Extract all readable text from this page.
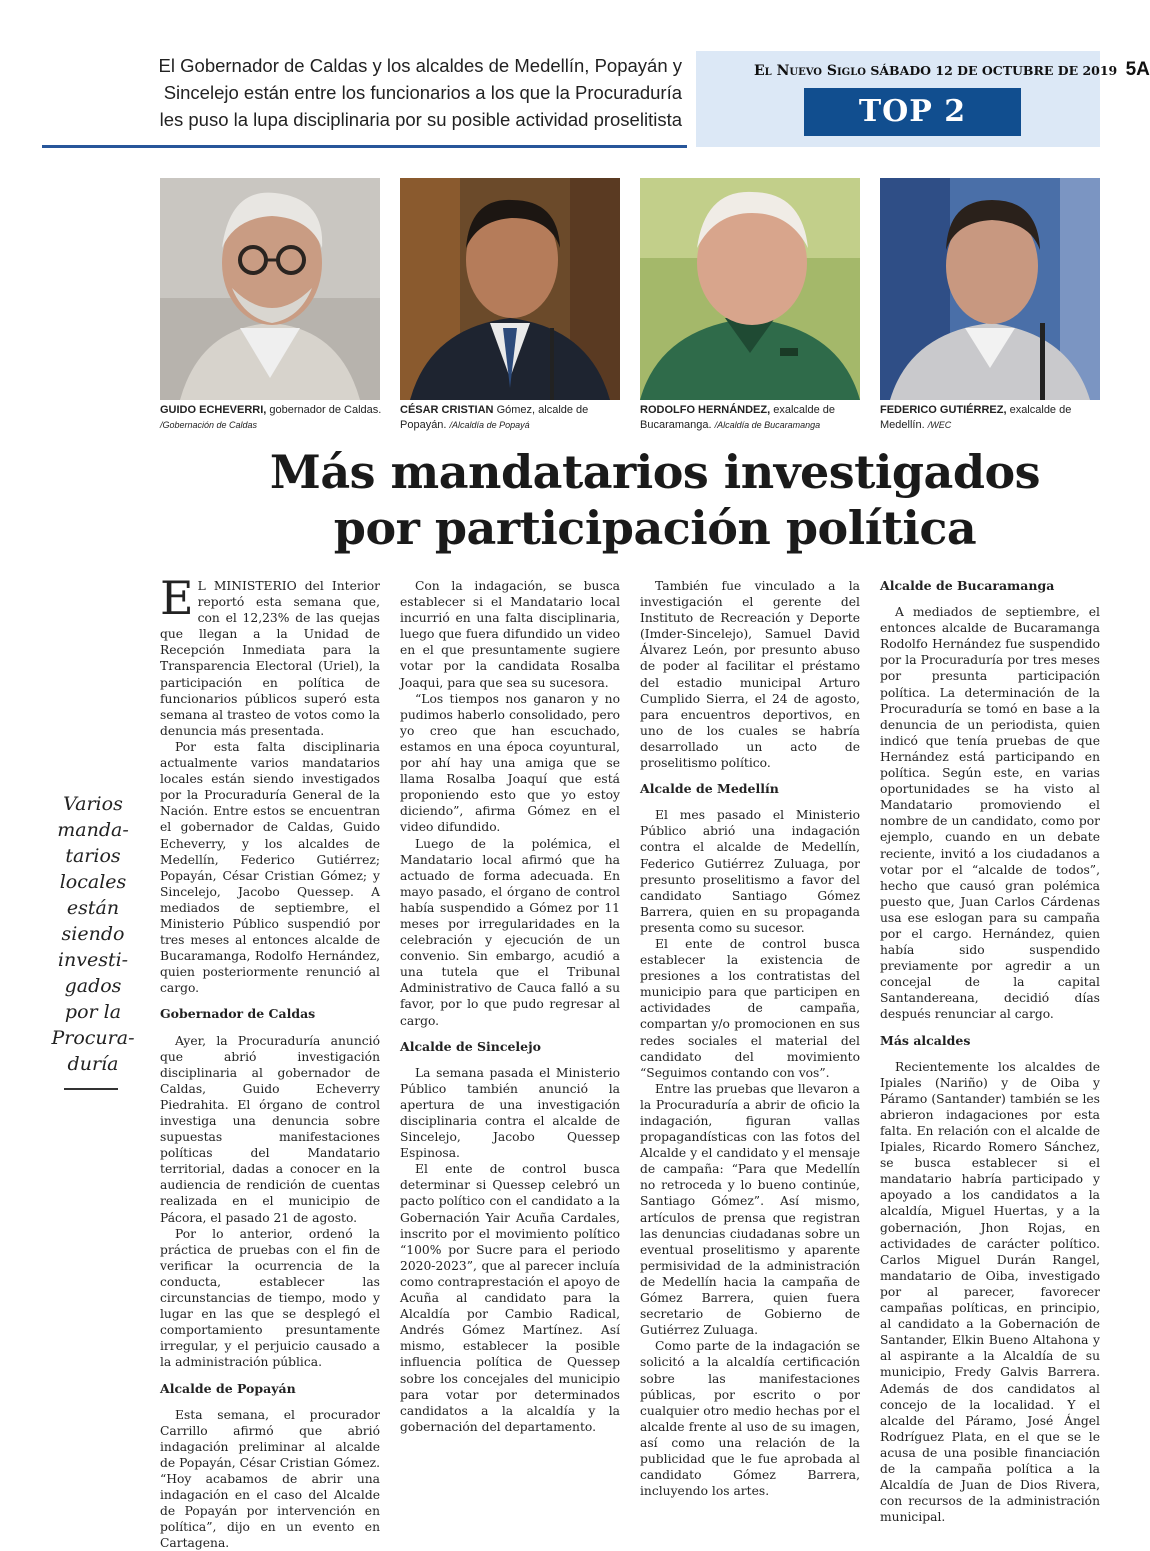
El Gobernador de Caldas y los alcaldes de Medellín, Popayán y
Sincelejo están entre los funcionarios a los que la Procuraduría
les puso la lupa disciplinaria por su posible actividad proselitista
El Nuevo Siglo SÁBADO 12 DE OCTUBRE DE 2019 5A
TOP 2
GUIDO ECHEVERRI, gobernador de Caldas. /Gobernación de Caldas
CÉSAR CRISTIAN Gómez, alcalde de Popayán. /Alcaldía de Popayá
RODOLFO HERNÁNDEZ, exalcalde de Bucaramanga. /Alcaldía de Bucaramanga
FEDERICO GUTIÉRREZ, exalcalde de Medellín. /WEC
Más mandatarios investigados
por participación política
Varios
manda-
tarios
locales
están
siendo
investi-
gados
por la
Procura-
duría

E L MINISTERIO del Interior reportó esta semana que, con el 12,23% de las quejas que llegan a la Unidad de Recepción Inmediata para la Transparencia Electoral (Uriel), la participación en política de funcionarios públicos superó esta semana al trasteo de votos como la denuncia más presentada.

Por esta falta disciplinaria actualmente varios mandatarios locales están siendo investigados por la Procuraduría General de la Nación. Entre estos se encuentran el gobernador de Caldas, Guido Echeverry, y los alcaldes de Medellín, Federico Gutiérrez; Popayán, César Cristian Gómez; y Sincelejo, Jacobo Quessep. A mediados de septiembre, el Ministerio Público suspendió por tres meses al entonces alcalde de Bucaramanga, Rodolfo Hernández, quien posteriormente renunció al cargo.

Gobernador de Caldas

Ayer, la Procuraduría anunció que abrió investigación disciplinaria al gobernador de Caldas, Guido Echeverry Piedrahita. El órgano de control investiga una denuncia sobre supuestas manifestaciones políticas del Mandatario territorial, dadas a conocer en la audiencia de rendición de cuentas realizada en el municipio de Pácora, el pasado 21 de agosto.

Por lo anterior, ordenó la práctica de pruebas con el fin de verificar la ocurrencia de la conducta, establecer las circunstancias de tiempo, modo y lugar en las que se desplegó el comportamiento presuntamente irregular, y el perjuicio causado a la administración pública.

Alcalde de Popayán

Esta semana, el procurador Carrillo afirmó que abrió indagación preliminar al alcalde de Popayán, César Cristian Gómez. “Hoy acabamos de abrir una indagación en el caso del Alcalde de Popayán por intervención en política”, dijo en un evento en Cartagena.

Con la indagación, se busca establecer si el Mandatario local incurrió en una falta disciplinaria, luego que fuera difundido un video en el que presuntamente sugiere votar por la candidata Rosalba Joaqui, para que sea su sucesora.

“Los tiempos nos ganaron y no pudimos haberlo consolidado, pero yo creo que han escuchado, estamos en una época coyuntural, por ahí hay una amiga que se llama Rosalba Joaquí que está proponiendo esto que yo estoy diciendo”, afirma Gómez en el video difundido.

Luego de la polémica, el Mandatario local afirmó que ha actuado de forma adecuada. En mayo pasado, el órgano de control había suspendido a Gómez por 11 meses por irregularidades en la celebración y ejecución de un convenio. Sin embargo, acudió a una tutela que el Tribunal Administrativo de Cauca falló a su favor, por lo que pudo regresar al cargo.

Alcalde de Sincelejo

La semana pasada el Ministerio Público también anunció la apertura de una investigación disciplinaria contra el alcalde de Sincelejo, Jacobo Quessep Espinosa.

El ente de control busca determinar si Quessep celebró un pacto político con el candidato a la Gobernación Yair Acuña Cardales, inscrito por el movimiento político “100% por Sucre para el periodo 2020-2023”, que al parecer incluía como contraprestación el apoyo de Acuña al candidato para la Alcaldía por Cambio Radical, Andrés Gómez Martínez. Así mismo, establecer la posible influencia política de Quessep sobre los concejales del municipio para votar por determinados candidatos a la alcaldía y la gobernación del departamento.

También fue vinculado a la investigación el gerente del Instituto de Recreación y Deporte (Imder-Sincelejo), Samuel David Álvarez León, por presunto abuso de poder al facilitar el préstamo del estadio municipal Arturo Cumplido Sierra, el 24 de agosto, para encuentros deportivos, en uno de los cuales se habría desarrollado un acto de proselitismo político.

Alcalde de Medellín

El mes pasado el Ministerio Público abrió una indagación contra el alcalde de Medellín, Federico Gutiérrez Zuluaga, por presunto proselitismo a favor del candidato Santiago Gómez Barrera, quien en su propaganda presenta como su sucesor.

El ente de control busca establecer la existencia de presiones a los contratistas del municipio para que participen en actividades de campaña, compartan y/o promocionen en sus redes sociales el material del candidato del movimiento “Seguimos contando con vos”.

Entre las pruebas que llevaron a la Procuraduría a abrir de oficio la indagación, figuran vallas propagandísticas con las fotos del Alcalde y el candidato y el mensaje de campaña: “Para que Medellín no retroceda y lo bueno continúe, Santiago Gómez”. Así mismo, artículos de prensa que registran las denuncias ciudadanas sobre un eventual proselitismo y aparente permisividad de la administración de Medellín hacia la campaña de Gómez Barrera, quien fuera secretario de Gobierno de Gutiérrez Zuluaga.

Como parte de la indagación se solicitó a la alcaldía certificación sobre las manifestaciones públicas, por escrito o por cualquier otro medio hechas por el alcalde frente al uso de su imagen, así como una relación de la publicidad que le fue aprobada al candidato Gómez Barrera, incluyendo los artes.

Alcalde de Bucaramanga

A mediados de septiembre, el entonces alcalde de Bucaramanga Rodolfo Hernández fue suspendido por la Procuraduría por tres meses por presunta participación política. La determinación de la Procuraduría se tomó en base a la denuncia de un periodista, quien indicó que tenía pruebas de que Hernández está participando en política. Según este, en varias oportunidades se ha visto al Mandatario promoviendo el nombre de un candidato, como por ejemplo, cuando en un debate reciente, invitó a los ciudadanos a votar por el “alcalde de todos”, hecho que causó gran polémica puesto que, Juan Carlos Cárdenas usa ese eslogan para su campaña por el cargo. Hernández, quien había sido suspendido previamente por agredir a un concejal de la capital Santandereana, decidió días después renunciar al cargo.

Más alcaldes

Recientemente los alcaldes de Ipiales (Nariño) y de Oiba y Páramo (Santander) también se les abrieron indagaciones por esta falta. En relación con el alcalde de Ipiales, Ricardo Romero Sánchez, se busca establecer si el mandatario habría participado y apoyado a los candidatos a la alcaldía, Miguel Huertas, y a la gobernación, Jhon Rojas, en actividades de carácter político. Carlos Miguel Durán Rangel, mandatario de Oiba, investigado por al parecer, favorecer campañas políticas, en principio, al candidato a la Gobernación de Santander, Elkin Bueno Altahona y al aspirante a la Alcaldía de su municipio, Fredy Galvis Barrera. Además de dos candidatos al concejo de la localidad. Y el alcalde del Páramo, José Ángel Rodríguez Plata, en el que se le acusa de una posible financiación de la campaña política a la Alcaldía de Juan de Dios Rivera, con recursos de la administración municipal.
